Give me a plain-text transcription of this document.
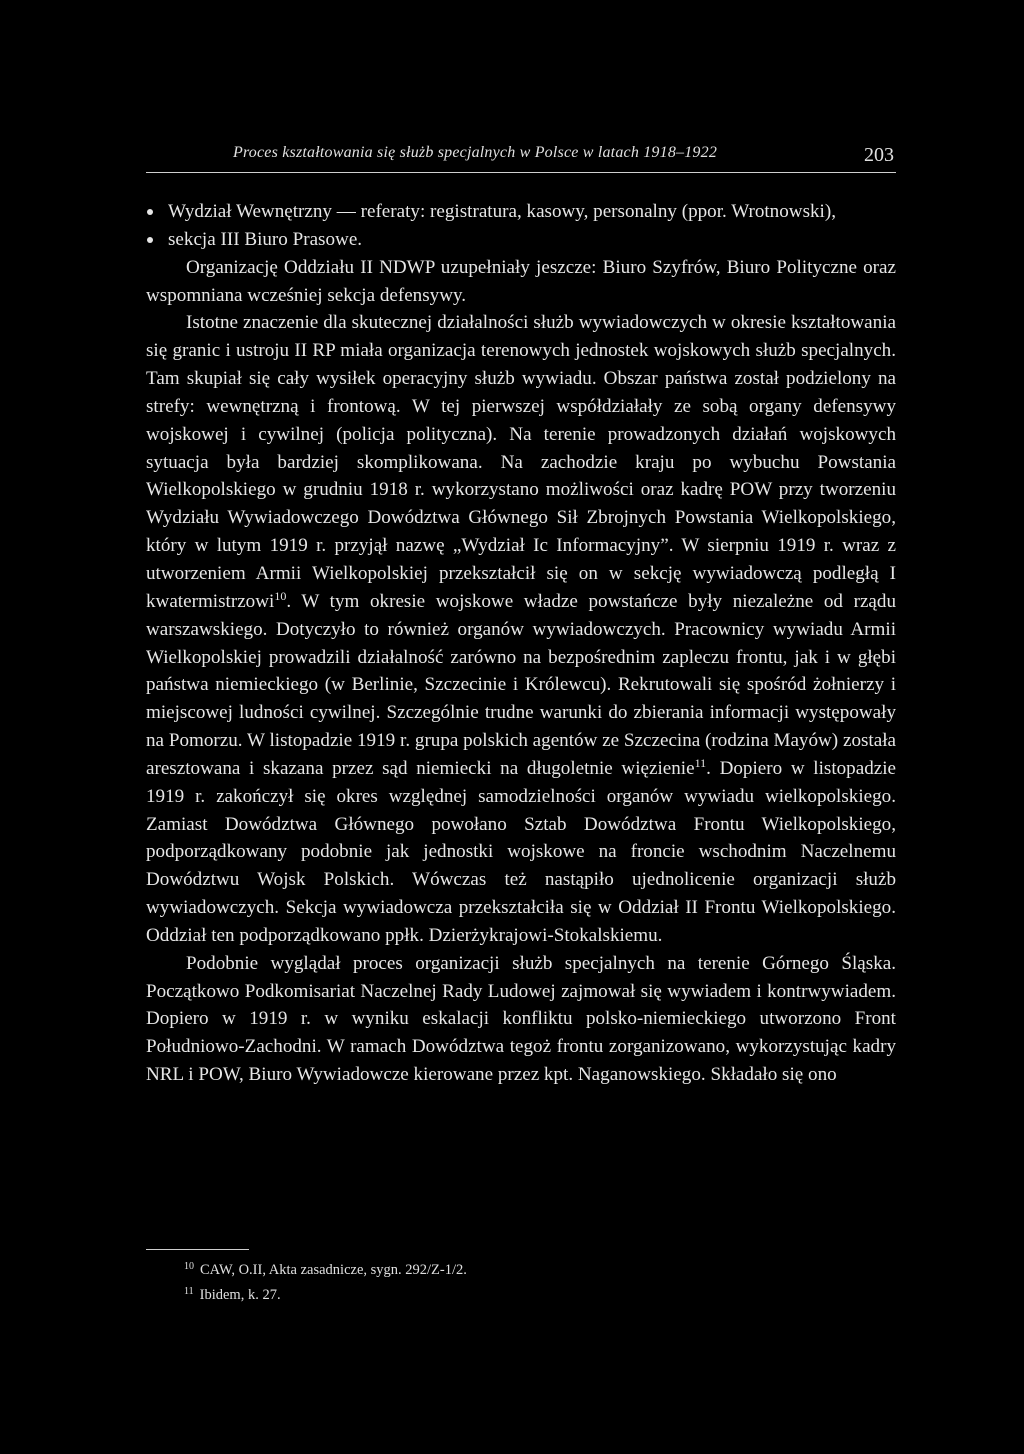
Proces kształtowania się służb specjalnych w Polsce w latach 1918–1922	203
Wydział Wewnętrzny — referaty: registratura, kasowy, personalny (ppor. Wrotnowski),
sekcja III Biuro Prasowe.

Organizację Oddziału II NDWP uzupełniały jeszcze: Biuro Szyfrów, Biuro Polityczne oraz wspomniana wcześniej sekcja defensywy.

Istotne znaczenie dla skutecznej działalności służb wywiadowczych w okresie kształtowania się granic i ustroju II RP miała organizacja terenowych jednostek wojskowych służb specjalnych. Tam skupiał się cały wysiłek operacyjny służb wywiadu. Obszar państwa został podzielony na strefy: wewnętrzną i frontową. W tej pierwszej współdziałały ze sobą organy defensywy wojskowej i cywilnej (policja polityczna). Na terenie prowadzonych działań wojskowych sytuacja była bardziej skomplikowana. Na zachodzie kraju po wybuchu Powstania Wielkopolskiego w grudniu 1918 r. wykorzystano możliwości oraz kadrę POW przy tworzeniu Wydziału Wywiadowczego Dowództwa Głównego Sił Zbrojnych Powstania Wielkopolskiego, który w lutym 1919 r. przyjął nazwę „Wydział Ic Informacyjny”. W sierpniu 1919 r. wraz z utworzeniem Armii Wielkopolskiej przekształcił się on w sekcję wywiadowczą podległą I kwatermistrzowi$^{10}$. W tym okresie wojskowe władze powstańcze były niezależne od rządu warszawskiego. Dotyczyło to również organów wywiadowczych. Pracownicy wywiadu Armii Wielkopolskiej prowadzili działalność zarówno na bezpośrednim zapleczu frontu, jak i w głębi państwa niemieckiego (w Berlinie, Szczecinie i Królewcu). Rekrutowali się spośród żołnierzy i miejscowej ludności cywilnej. Szczególnie trudne warunki do zbierania informacji występowały na Pomorzu. W listopadzie 1919 r. grupa polskich agentów ze Szczecina (rodzina Mayów) została aresztowana i skazana przez sąd niemiecki na długoletnie więzienie$^{11}$. Dopiero w listopadzie 1919 r. zakończył się okres względnej samodzielności organów wywiadu wielkopolskiego. Zamiast Dowództwa Głównego powołano Sztab Dowództwa Frontu Wielkopolskiego, podporządkowany podobnie jak jednostki wojskowe na froncie wschodnim Naczelnemu Dowództwu Wojsk Polskich. Wówczas też nastąpiło ujednolicenie organizacji służb wywiadowczych. Sekcja wywiadowcza przekształciła się w Oddział II Frontu Wielkopolskiego. Oddział ten podporządkowano ppłk. Dzierżykrajowi-Stokalskiemu.

Podobnie wyglądał proces organizacji służb specjalnych na terenie Górnego Śląska. Początkowo Podkomisariat Naczelnej Rady Ludowej zajmował się wywiadem i kontrwywiadem. Dopiero w 1919 r. w wyniku eskalacji konfliktu polsko-niemieckiego utworzono Front Południowo-Zachodni. W ramach Dowództwa tegoż frontu zorganizowano, wykorzystując kadry NRL i POW, Biuro Wywiadowcze kierowane przez kpt. Naganowskiego. Składało się ono

$^{10}$ CAW, O.II, Akta zasadnicze, sygn. 292/Z-1/2.
$^{11}$ Ibidem, k. 27.
